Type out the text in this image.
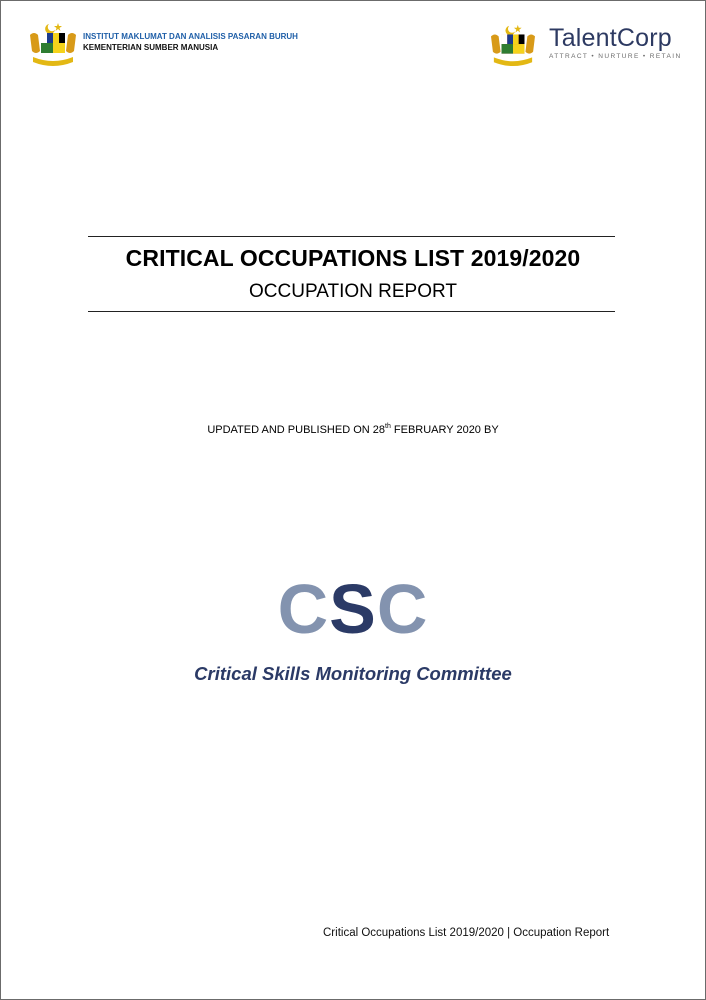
INSTITUT MAKLUMAT DAN ANALISIS PASARAN BURUH
KEMENTERIAN SUMBER MANUSIA	TalentCorp
ATTRACT • NURTURE • RETAIN
CRITICAL OCCUPATIONS LIST 2019/2020
OCCUPATION REPORT
UPDATED AND PUBLISHED ON 28th FEBRUARY 2020 BY
CSC
Critical Skills Monitoring Committee
Critical Occupations List 2019/2020 | Occupation Report
